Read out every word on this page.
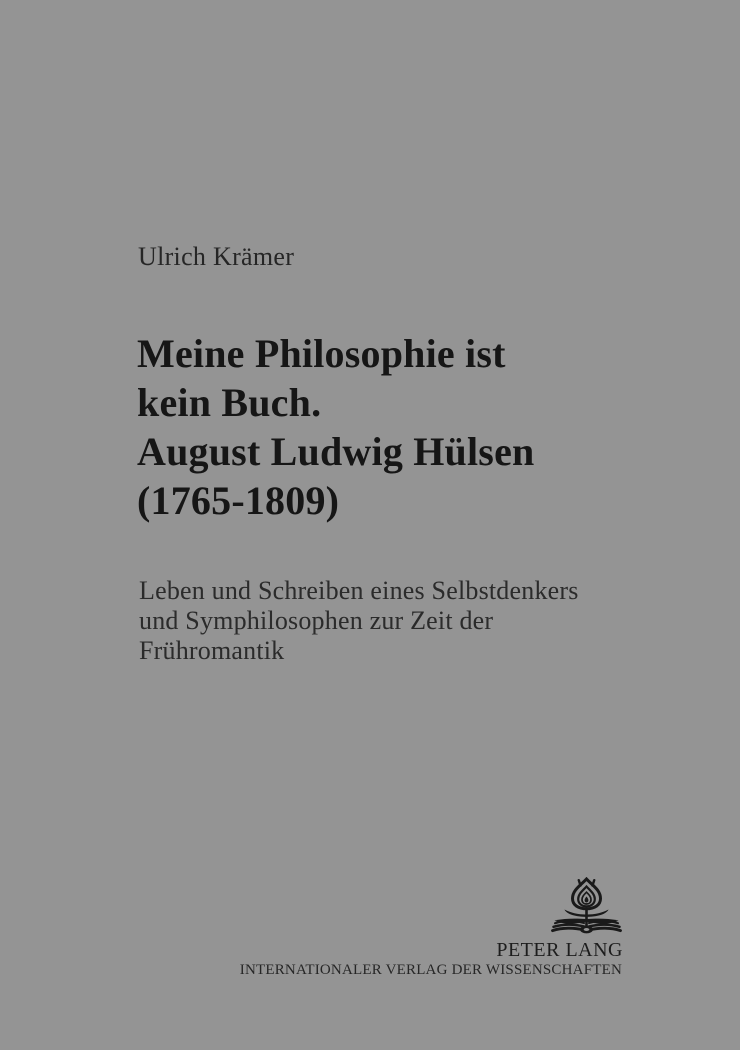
Ulrich Krämer
Meine Philosophie ist
kein Buch.
August Ludwig Hülsen
(1765-1809)
Leben und Schreiben eines Selbstdenkers
und Symphilosophen zur Zeit der
Frühromantik
PETER LANG
INTERNATIONALER VERLAG DER WISSENSCHAFTEN
